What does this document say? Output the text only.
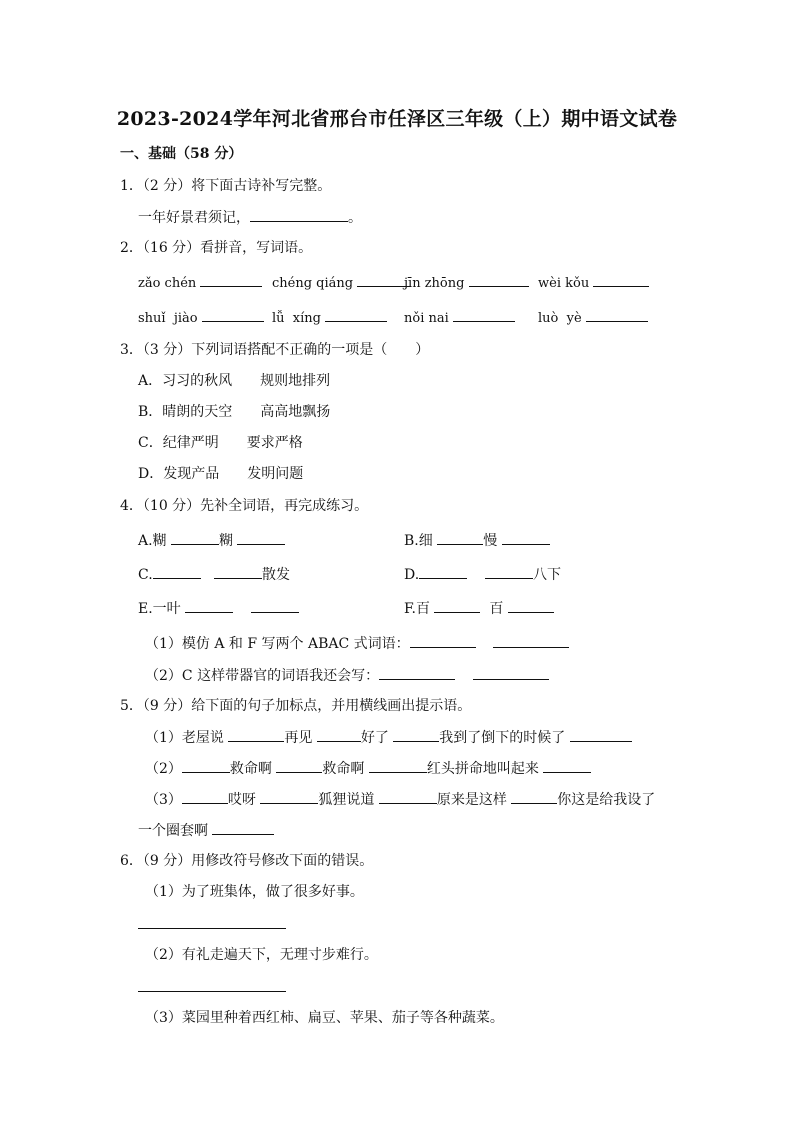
2023-2024学年河北省邢台市任泽区三年级（上）期中语文试卷
一、基础（58 分）
1．（2 分）将下面古诗补写完整。
一年好景君须记，	。
2．（16 分）看拼音，写词语。
zǎo chén	chéng qiáng	jīn zhōng	wèi kǒu
shuǐ  jiào	lǚ  xíng	nǒi nai	luò  yè
3．（3 分）下列词语搭配不正确的一项是（　　）
A．习习的秋风 规则地排列
B．晴朗的天空 高高地飘扬
C．纪律严明 要求严格
D．发现产品 发明问题
4．（10 分）先补全词语，再完成练习。
A.糊	糊	B.细	慢
C.	散发	D.	八下
E.一叶	F.百	百
（1）模仿 A 和 F 写两个 ABAC 式词语：
（2）C 这样带器官的词语我还会写：
5．（9 分）给下面的句子加标点，并用横线画出提示语。
（1）老屋说	再见	好了	我到了倒下的时候了
（2）	救命啊	救命啊	红头拼命地叫起来
（3）	哎呀	狐狸说道	原来是这样	你这是给我设了
一个圈套啊
6．（9 分）用修改符号修改下面的错误。
（1）为了班集体，做了很多好事。
（2）有礼走遍天下，无理寸步难行。
（3）菜园里种着西红柿、扁豆、苹果、茄子等各种蔬菜。
